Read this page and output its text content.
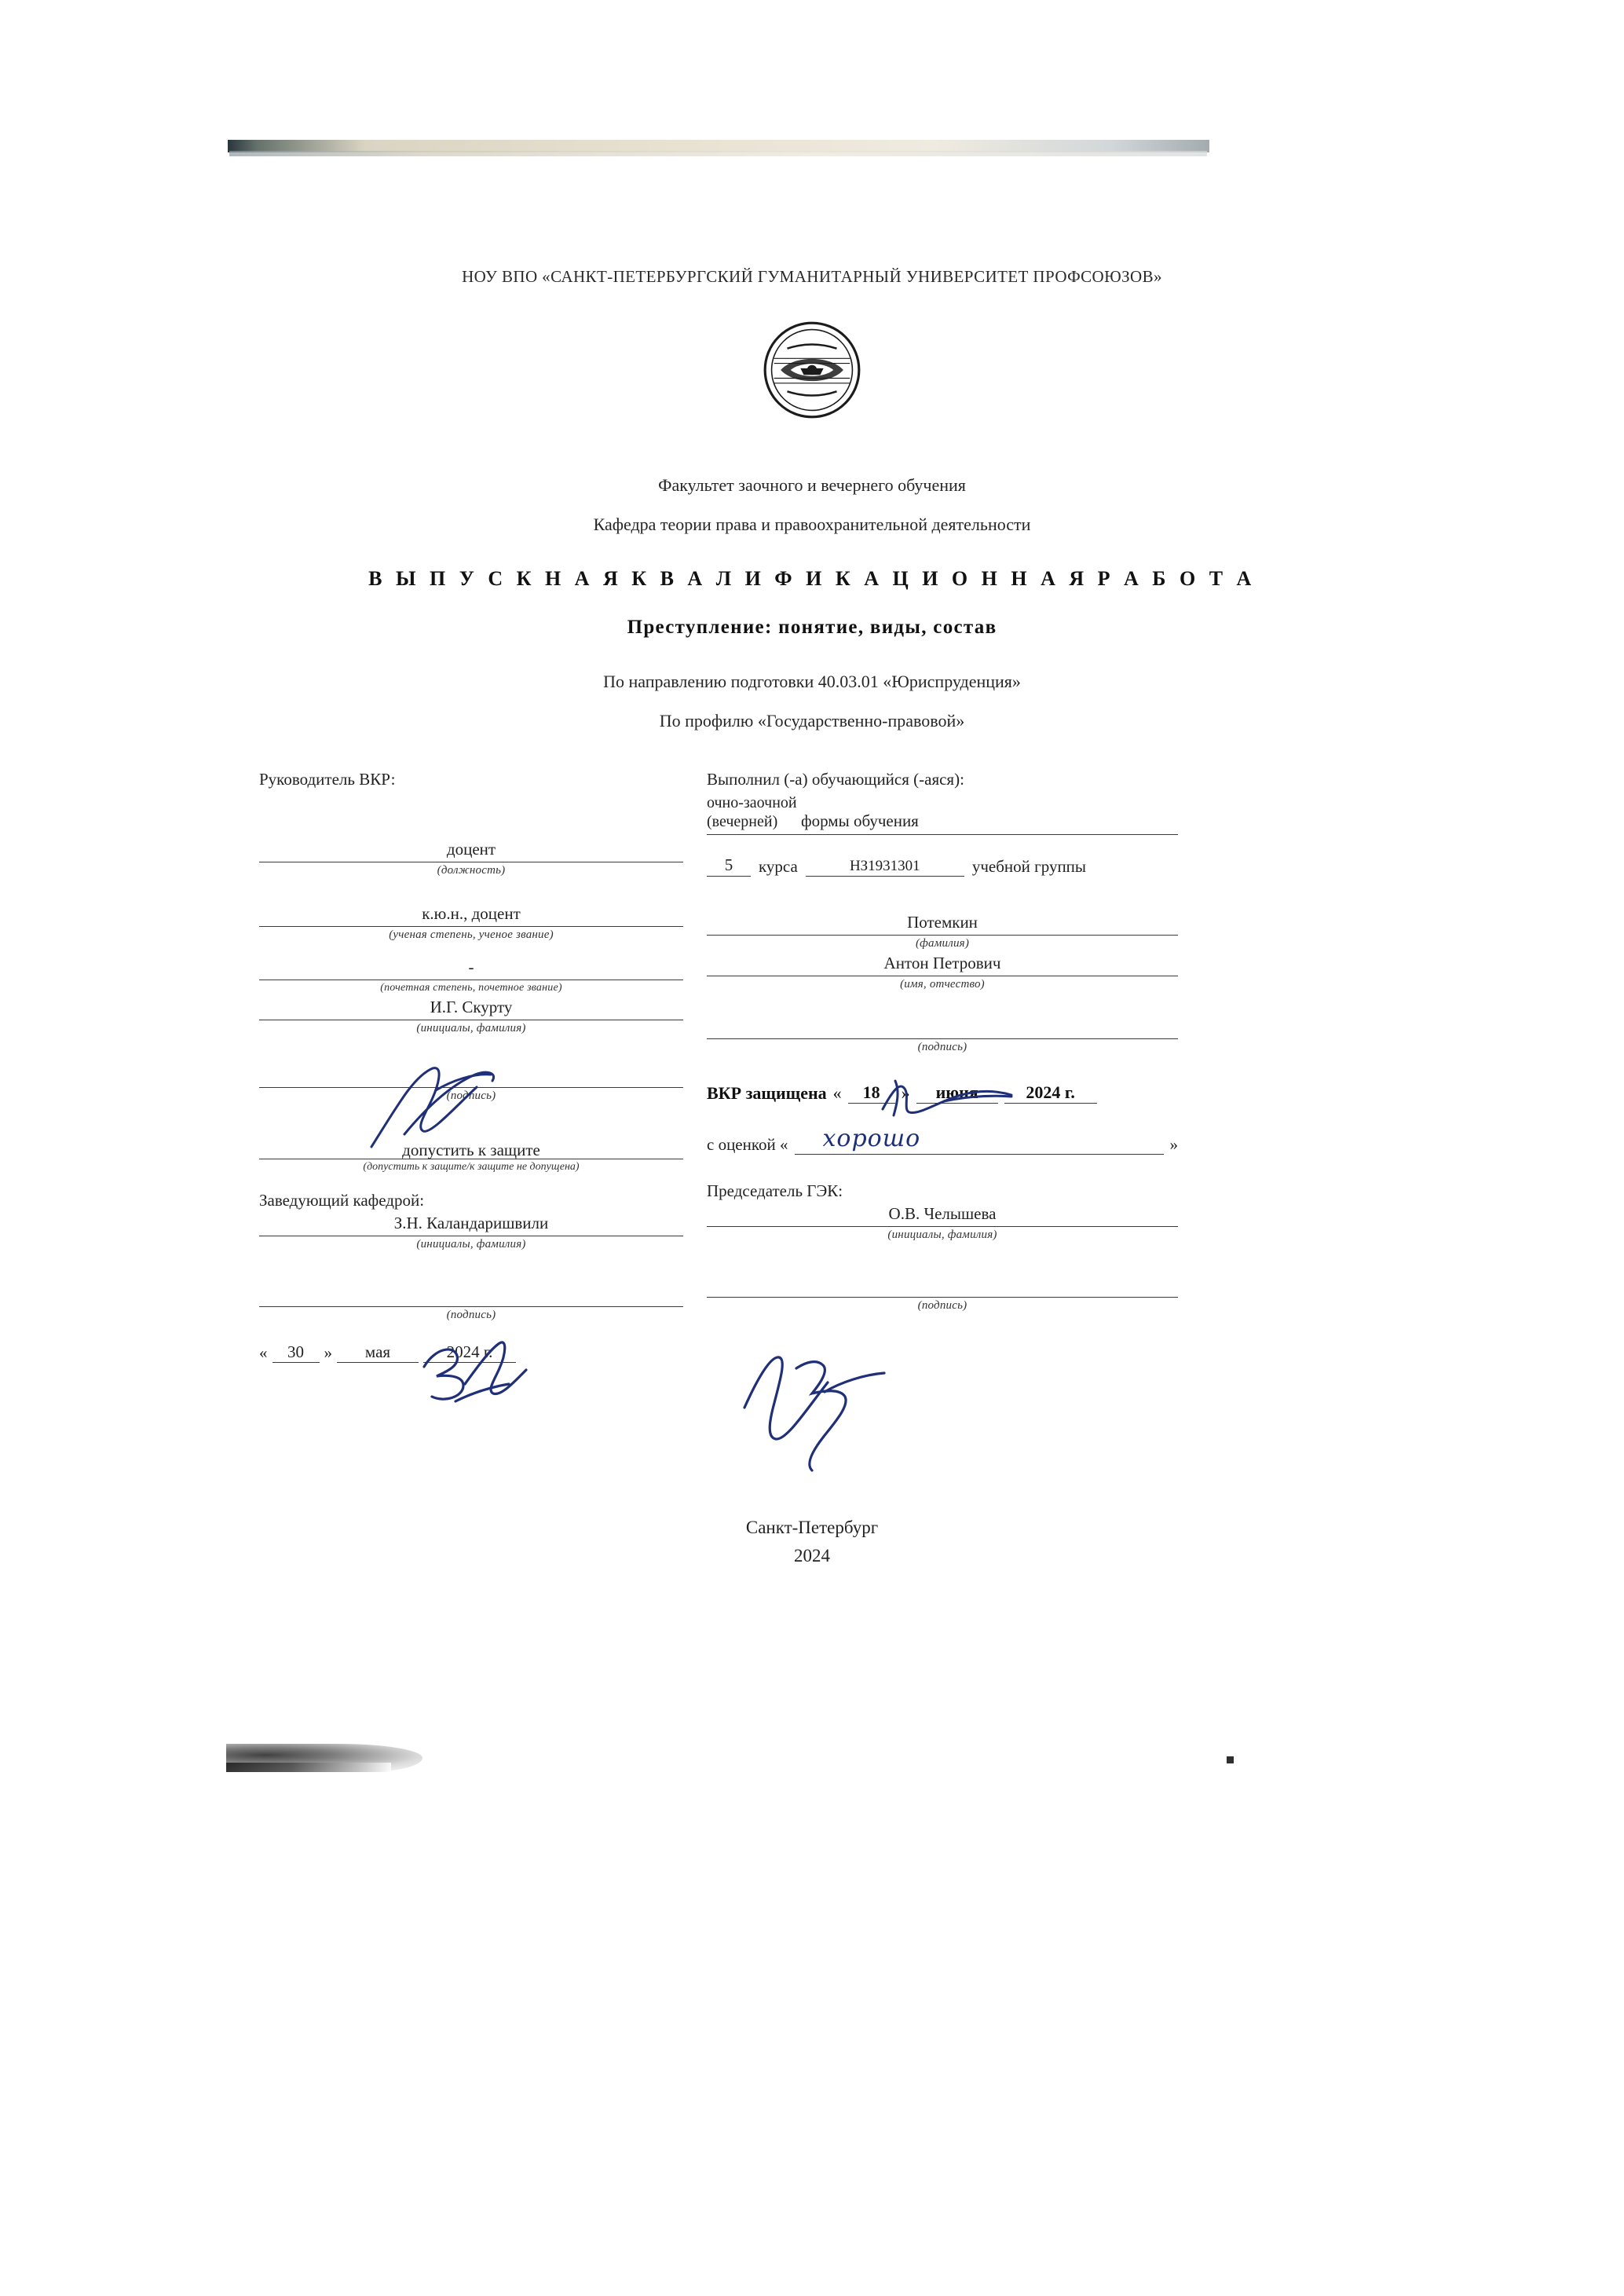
НОУ ВПО «САНКТ-ПЕТЕРБУРГСКИЙ ГУМАНИТАРНЫЙ УНИВЕРСИТЕТ ПРОФСОЮЗОВ»
Факультет заочного и вечернего обучения
Кафедра теории права и правоохранительной деятельности
В Ы П У С К Н А Я К В А Л И Ф И К А Ц И О Н Н А Я Р А Б О Т А
Преступление: понятие, виды, состав
По направлению подготовки 40.03.01 «Юриспруденция»
По профилю «Государственно-правовой»
Руководитель ВКР:
доцент
(должность)
к.ю.н., доцент
(ученая степень, ученое звание)
-
(почетная степень, почетное звание)
И.Г. Скурту
(инициалы, фамилия)
(подпись)
допустить к защите
(допустить к защите/к защите не допущена)
Заведующий кафедрой:
З.Н. Каландаришвили
(инициалы, фамилия)
(подпись)
«	30	»	мая	2024 г.
Выполнил (-а) обучающийся (-аяся):
очно-заочной (вечерней)	формы обучения
5	курса	НЗ1931301	учебной группы
Потемкин
(фамилия)
Антон Петрович
(имя, отчество)
(подпись)
ВКР защищена «	18	»	июня	2024 г.
с оценкой « хорошо	»
Председатель ГЭК:
О.В. Челышева
(инициалы, фамилия)
(подпись)
Санкт-Петербург
2024
